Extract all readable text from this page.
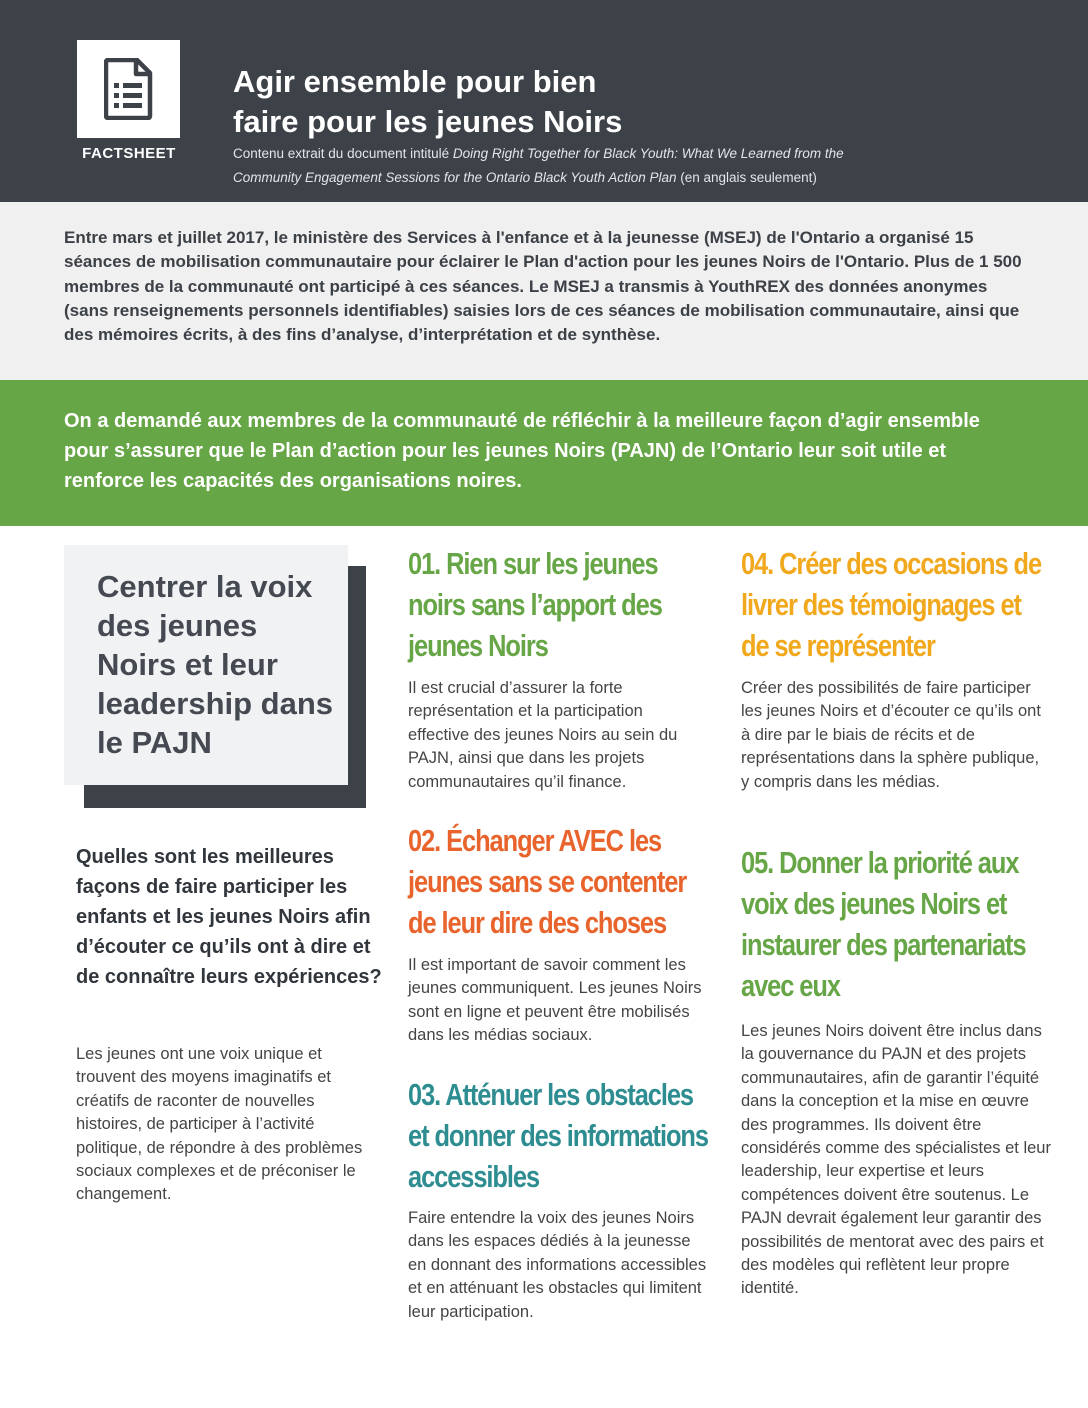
FACTSHEET
Agir ensemble pour bien
faire pour les jeunes Noirs
Contenu extrait du document intitulé Doing Right Together for Black Youth: What We Learned from the Community Engagement Sessions for the Ontario Black Youth Action Plan (en anglais seulement)

Entre mars et juillet 2017, le ministère des Services à l'enfance et à la jeunesse (MSEJ) de l'Ontario a organisé 15 séances de mobilisation communautaire pour éclairer le Plan d'action pour les jeunes Noirs de l'Ontario. Plus de 1 500 membres de la communauté ont participé à ces séances. Le MSEJ a transmis à YouthREX des données anonymes (sans renseignements personnels identifiables) saisies lors de ces séances de mobilisation communautaire, ainsi que des mémoires écrits, à des fins d’analyse, d’interprétation et de synthèse.

On a demandé aux membres de la communauté de réfléchir à la meilleure façon d’agir ensemble pour s’assurer que le Plan d’action pour les jeunes Noirs (PAJN) de l’Ontario leur soit utile et renforce les capacités des organisations noires.

Centrer la voix des jeunes Noirs et leur leadership dans le PAJN

Quelles sont les meilleures façons de faire participer les enfants et les jeunes Noirs afin d’écouter ce qu’ils ont à dire et de connaître leurs expériences?

Les jeunes ont une voix unique et trouvent des moyens imaginatifs et créatifs de raconter de nouvelles histoires, de participer à l’activité politique, de répondre à des problèmes sociaux complexes et de préconiser le changement.

01. Rien sur les jeunes noirs sans l’apport des jeunes Noirs

Il est crucial d’assurer la forte représentation et la participation effective des jeunes Noirs au sein du PAJN, ainsi que dans les projets communautaires qu’il finance.

02. Échanger AVEC les jeunes sans se contenter de leur dire des choses

Il est important de savoir comment les jeunes communiquent. Les jeunes Noirs sont en ligne et peuvent être mobilisés dans les médias sociaux.

03. Atténuer les obstacles et donner des informations accessibles

Faire entendre la voix des jeunes Noirs dans les espaces dédiés à la jeunesse en donnant des informations accessibles et en atténuant les obstacles qui limitent leur participation.

04. Créer des occasions de livrer des témoignages et de se représenter

Créer des possibilités de faire participer les jeunes Noirs et d’écouter ce qu’ils ont à dire par le biais de récits et de représentations dans la sphère publique, y compris dans les médias.

05. Donner la priorité aux voix des jeunes Noirs et instaurer des partenariats avec eux

Les jeunes Noirs doivent être inclus dans la gouvernance du PAJN et des projets communautaires, afin de garantir l’équité dans la conception et la mise en œuvre des programmes. Ils doivent être considérés comme des spécialistes et leur leadership, leur expertise et leurs compétences doivent être soutenus. Le PAJN devrait également leur garantir des possibilités de mentorat avec des pairs et des modèles qui reflètent leur propre identité.
